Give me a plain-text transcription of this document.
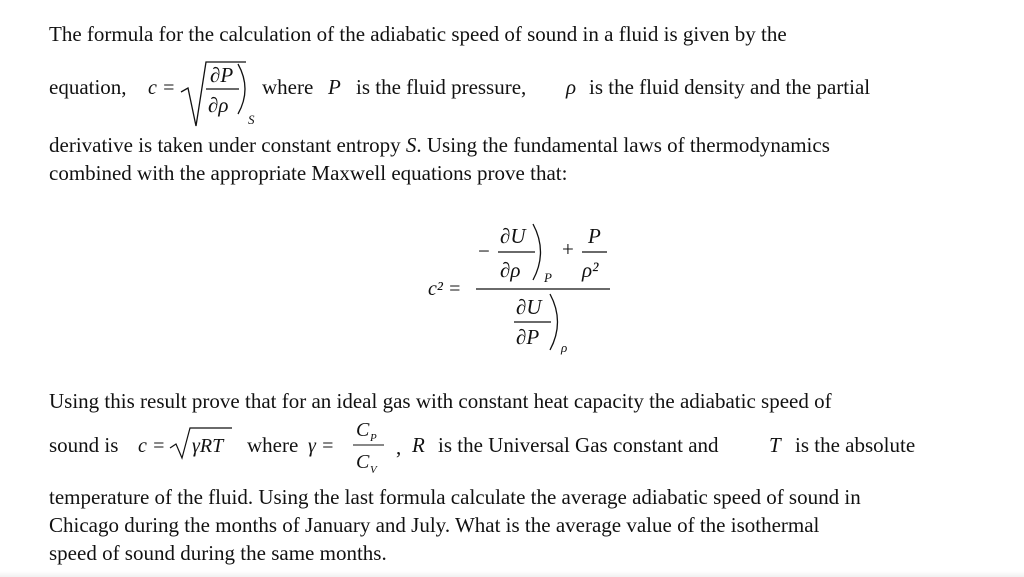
The formula for the calculation of the adiabatic speed of sound in a fluid is given by the
equation, c =
∂P
∂ρ
S
where P is the fluid pressure, ρ is the fluid density and the partial
derivative is taken under constant entropy S. Using the fundamental laws of thermodynamics
combined with the appropriate Maxwell equations prove that:
c² =
−
∂U
∂ρ P
+
P
ρ²
∂U
∂P ρ
Using this result prove that for an ideal gas with constant heat capacity the adiabatic speed of
sound is c = γRT where γ =
C P
C V
, R is the Universal Gas constant and T is the absolute
temperature of the fluid. Using the last formula calculate the average adiabatic speed of sound in
Chicago during the months of January and July. What is the average value of the isothermal
speed of sound during the same months.
